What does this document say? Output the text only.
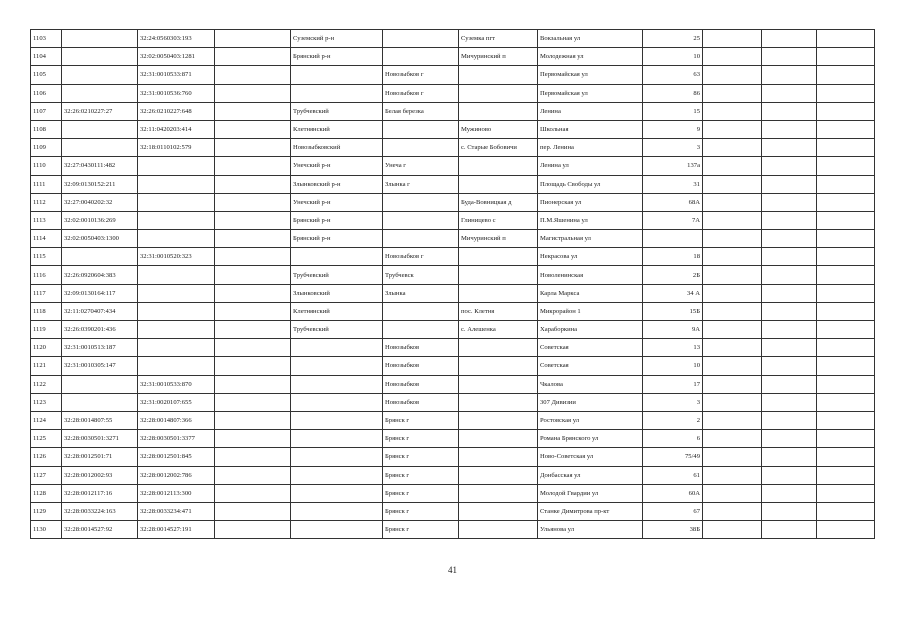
1103		32:24:0560303:193		Суземский р-н		Суземка пгт	Вокзальная ул	25			
1104		32:02:0050403:1281		Брянский р-н		Мичуринский п	Молодежная ул	10			
1105		32:31:0010533:871			Новозыбков г		Первомайская ул	63			
1106		32:31:0010536:760			Новозыбков г		Первомайская ул	86			
1107	32:26:0210227:27	32:26:0210227:648		Трубчевский	Белая березка		Ленина	15			
1108		32:11:0420203:414		Клетнянский		Мужиново	Школьная	9			
1109		32:18:0110102:579		Новозыбковский		с. Старые Бобовичи	пер. Ленина	3			
1110	32:27:0430111:482			Унечский р-н	Унеча г		Ленина ул	137а			
1111	32:09:0130152:211			Злынковский р-н	Злынка г		Площадь Свободы ул	31			
1112	32:27:0040202:32			Унечский р-н		Буда-Вовницкая д	Пионерская ул	68А			
1113	32:02:0010136:269			Брянский р-н		Глиницево с	П.М.Яшенина ул	7А			
1114	32:02:0050403:1300			Брянский р-н		Мичуринский п	Магистральная ул				
1115		32:31:0010520:323			Новозыбков г		Некрасова ул	18			
1116	32:26:0920604:383			Трубчевский	Трубчевск		Новоленинская	2Б			
1117	32:09:0130164:117			Злынковский	Злынка		Карла Маркса	34 А			
1118	32:11:0270407:434			Клетнянский		пос. Клетня	Микрорайон 1	15Б			
1119	32:26:0390201:436			Трубчевский		с. Алешенка	Хараборкина	9А			
1120	32:31:0010513:187				Новозыбков		Советская	13			
1121	32:31:0010305:147				Новозыбков		Советская	10			
1122		32:31:0010533:870			Новозыбков		Чкалова	17			
1123		32:31:0020107:655			Новозыбков		307 Дивизии	3			
1124	32:28:0014807:55	32:28:0014807:366			Брянск г		Ростовская ул	2			
1125	32:28:0030501:3271	32:28:0030501:3377			Брянск г		Романа Брянского ул	6			
1126	32:28:0012501:71	32:28:0012501:845			Брянск г		Ново-Советская ул	75/49			
1127	32:28:0012002:93	32:28:0012002:786			Брянск г		Донбасская ул	61			
1128	32:28:0012117:16	32:28:0012113:300			Брянск г		Молодой Гвардии ул	60А			
1129	32:28:0033224:163	32:28:0033234:471			Брянск г		Станке Димитрова пр-кт	67			
1130	32:28:0014527:92	32:28:0014527:191			Брянск г		Ульянова ул	38Б			
41
